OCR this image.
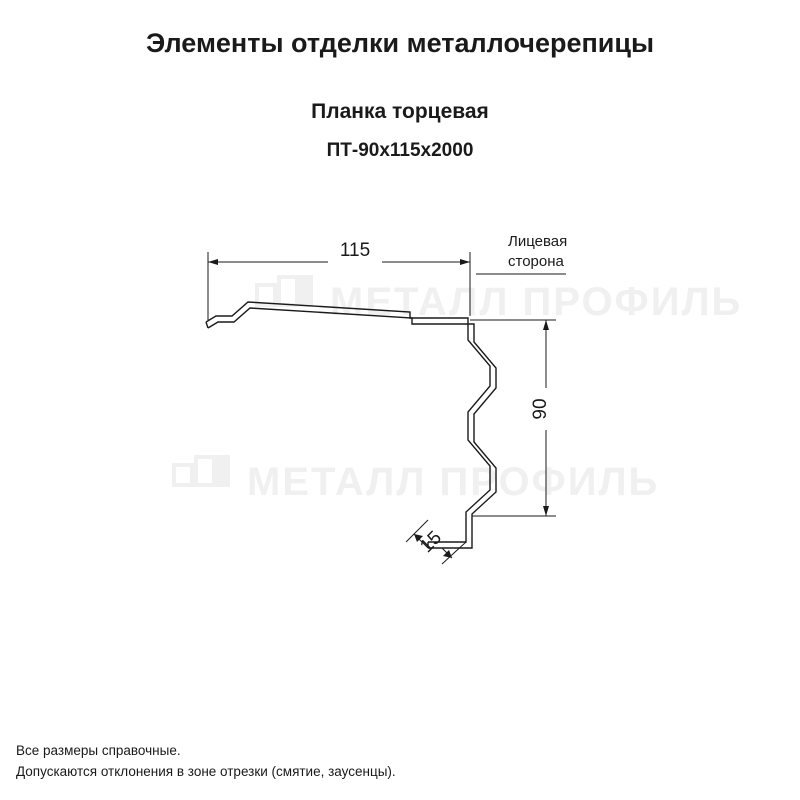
Элементы отделки металлочерепицы
Планка торцевая
ПТ-90х115х2000
МЕТАЛЛ ПРОФИЛЬ
МЕТАЛЛ ПРОФИЛЬ
115
90
15
Лицевая
сторона
Все размеры справочные.
Допускаются отклонения в зоне отрезки (смятие, заусенцы).
